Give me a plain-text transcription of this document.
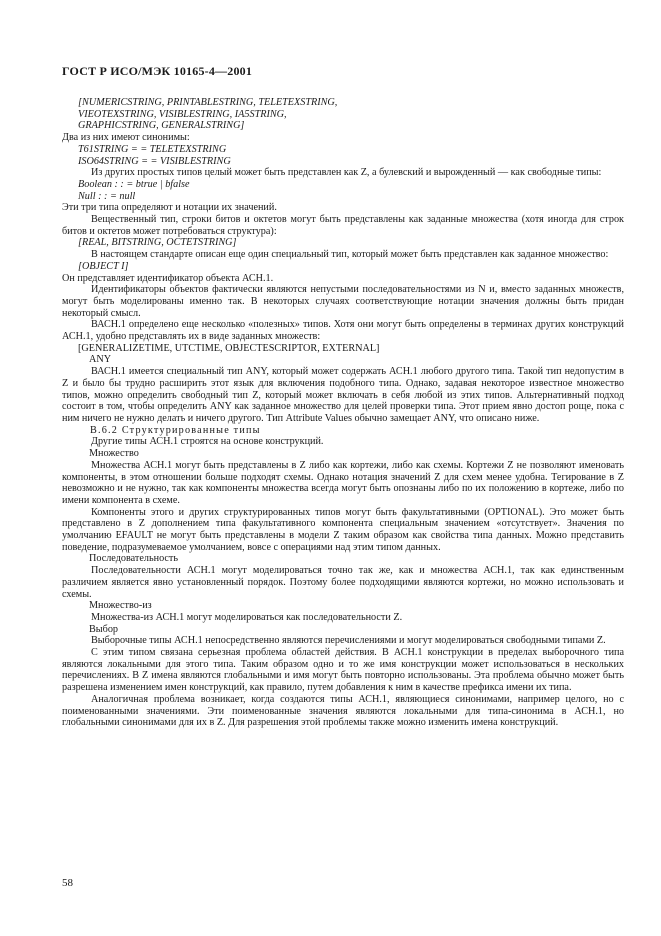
ГОСТ Р ИСО/МЭК 10165-4—2001

[NUMERICSTRING, PRINTABLESTRING, TELETEXSTRING,

VIEOTEXSTRING, VISIBLESTRING, IA5STRING,

GRAPHICSTRING, GENERALSTRING]

Два из них имеют синонимы:

T61STRING = = TELETEXSTRING

ISO64STRING = = VISIBLESTRING

Из других простых типов целый может быть представлен как Z, а булевский и вырожденный — как свободные типы:

Boolean : : = btrue | bfalse

Null : : = null

Эти три типа определяют и нотации их значений.

Вещественный тип, строки битов и октетов могут быть представлены как заданные множества (хотя иногда для строк битов и октетов может потребоваться структура):

[REAL, BITSTRING, OCTETSTRING]

В настоящем стандарте описан еще один специальный тип, который может быть представлен как заданное множество:

[OBJECT I]

Он представляет идентификатор объекта АСН.1.

Идентификаторы объектов фактически являются непустыми последовательностями из N и, вместо заданных множеств, могут быть моделированы именно так. В некоторых случаях соответствующие нотации значения должны быть придан некоторый смысл.

ВАСН.1 определено еще несколько «полезных» типов. Хотя они могут быть определены в терминах других конструкций АСН.1, удобно представлять их в виде заданных множеств:

[GENERALIZETIME, UTCTIME, OBJECTESCRIPTOR, EXTERNAL]

ANY

ВАСН.1 имеется специальный тип ANY, который может содержать АСН.1 любого другого типа. Такой тип недопустим в Z и было бы трудно расширить этот язык для включения подобного типа. Однако, задавая некоторое известное множество типов, можно определить свободный тип Z, который может включать в себя любой из этих типов. Альтернативный подход состоит в том, чтобы определить ANY как заданное множество для целей проверки типа. Этот прием явно достоп роще, пока с ним ничего не нужно делать и ничего другого. Тип Attribute Values обычно замещает ANY, что описано ниже.

В.6.2 Структурированные типы

Другие типы АСН.1 строятся на основе конструкций.

Множество

Множества АСН.1 могут быть представлены в Z либо как кортежи, либо как схемы. Кортежи Z не позволяют именовать компоненты, в этом отношении больше подходят схемы. Однако нотация значений Z для схем менее удобна. Тегирование в Z невозможно и не нужно, так как компоненты множества всегда могут быть опознаны либо по их положению в кортеже, либо по имени компонента в схеме.

Компоненты этого и других структурированных типов могут быть факультативными (OPTIONAL). Это может быть представлено в Z дополнением типа факультативного компонента специальным значением «отсутствует». Значения по умолчанию EFAULT не могут быть представлены в модели Z таким образом как свойства типа данных. Можно представить поведение, подразумеваемое умолчанием, вовсе с операциями над этим типом данных.

Последовательность

Последовательности АСН.1 могут моделироваться точно так же, как и множества АСН.1, так как единственным различием является явно установленный порядок. Поэтому более подходящими являются кортежи, но можно использовать и схемы.

Множество-из

Множества-из АСН.1 могут моделироваться как последовательности Z.

Выбор

Выборочные типы АСН.1 непосредственно являются перечислениями и могут моделироваться свободными типами Z.

С этим типом связана серьезная проблема областей действия. В АСН.1 конструкции в пределах выборочного типа являются локальными для этого типа. Таким образом одно и то же имя конструкции может использоваться в нескольких перечислениях. В Z имена являются глобальными и имя могут быть повторно использованы. Эта проблема обычно может быть разрешена изменением имен конструкций, как правило, путем добавления к ним в качестве префикса имени их типа.

Аналогичная проблема возникает, когда создаются типы АСН.1, являющиеся синонимами, например целого, но с поименованными значениями. Эти поименованные значения являются локальными для типа-синонима в АСН.1, но глобальными синонимами для их в Z. Для разрешения этой проблемы также можно изменить имена конструкций.

58
